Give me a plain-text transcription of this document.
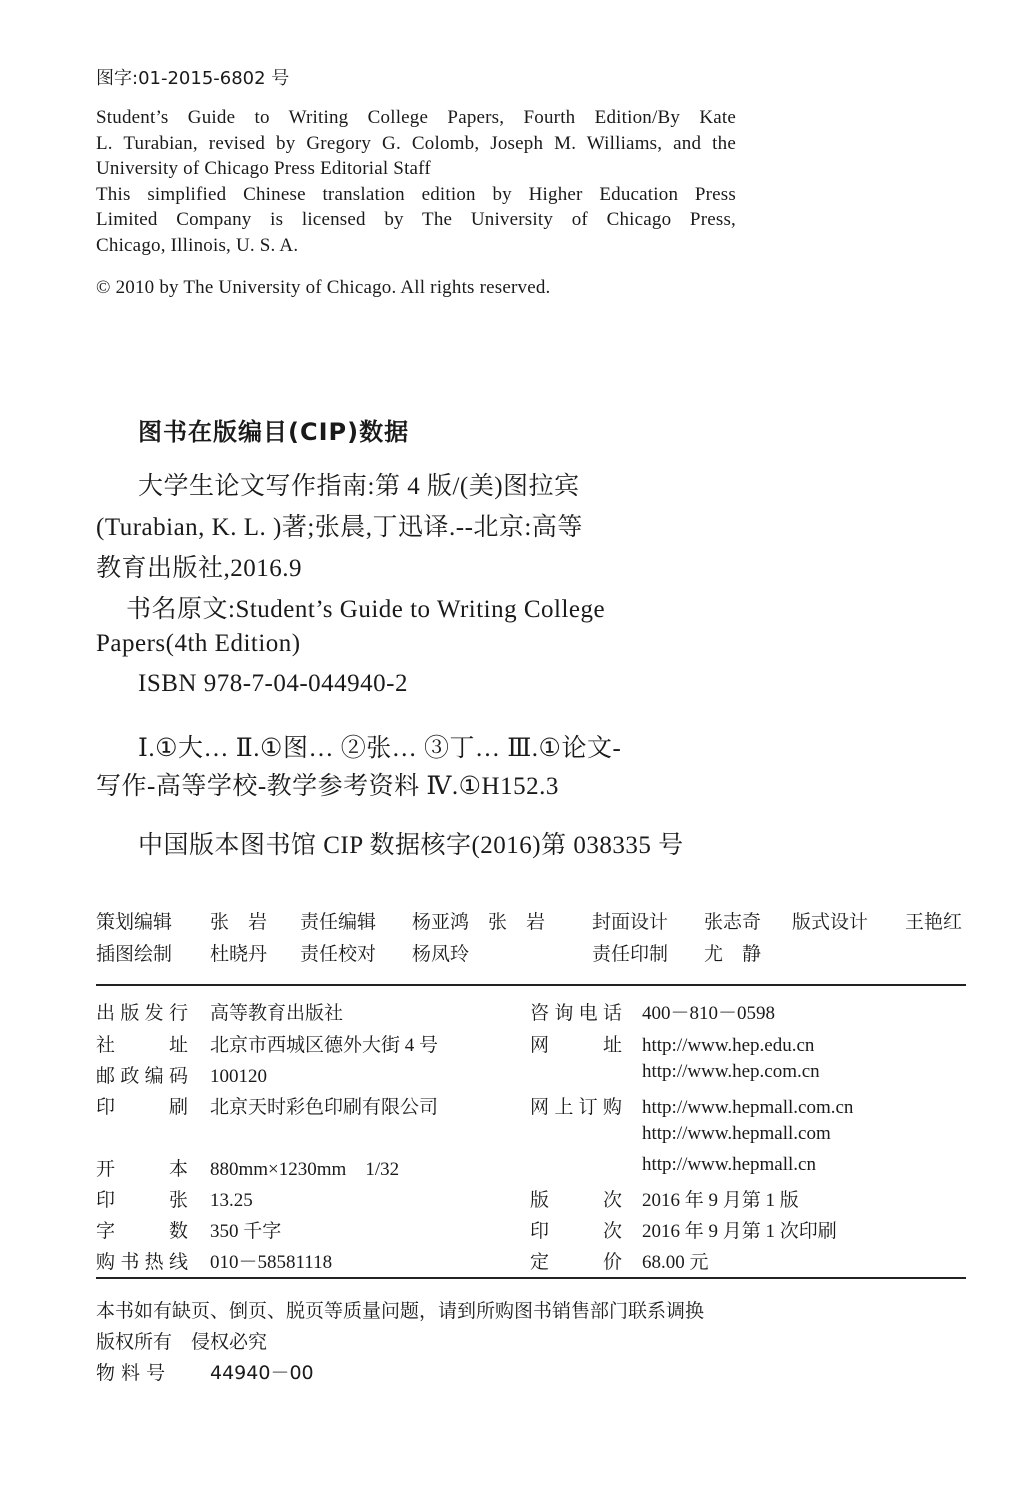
图字:01-2015-6802 号
Student’s Guide to Writing College Papers, Fourth Edition/By Kate
L. Turabian, revised by Gregory G. Colomb, Joseph M. Williams, and the
University of Chicago Press Editorial Staff
This simplified Chinese translation edition by Higher Education Press
Limited Company is licensed by The University of Chicago Press,
Chicago, Illinois, U. S. A.
© 2010 by The University of Chicago. All rights reserved.
图书在版编目(CIP)数据
大学生论文写作指南:第 4 版/(美)图拉宾
(Turabian, K. L. )著;张晨,丁迅译.--北京:高等
教育出版社,2016.9
书名原文:Student’s Guide to Writing College
Papers(4th Edition)
ISBN 978-7-04-044940-2
Ⅰ.①大… Ⅱ.①图… ②张… ③丁… Ⅲ.①论文-
写作-高等学校-教学参考资料 Ⅳ.①H152.3
中国版本图书馆 CIP 数据核字(2016)第 038335 号
策划编辑 张　岩 责任编辑 杨亚鸿　张　岩 封面设计 张志奇 版式设计 王艳红
插图绘制 杜晓丹 责任校对 杨凤玲	责任印制 尤　静
出版发行 高等教育出版社
社址 北京市西城区德外大街 4 号
邮政编码 100120
印刷 北京天时彩色印刷有限公司
开本 880mm×1230mm　1/32
印张 13.25
字数 350 千字
购书热线 010－58581118
咨询电话 400－810－0598
网址 http://www.hep.edu.cn
http://www.hep.com.cn
网上订购 http://www.hepmall.com.cn
http://www.hepmall.com
http://www.hepmall.cn
版次 2016 年 9 月第 1 版
印次 2016 年 9 月第 1 次印刷
定价 68.00 元
本书如有缺页、倒页、脱页等质量问题，请到所购图书销售部门联系调换
版权所有　侵权必究
物 料 号 44940－00
